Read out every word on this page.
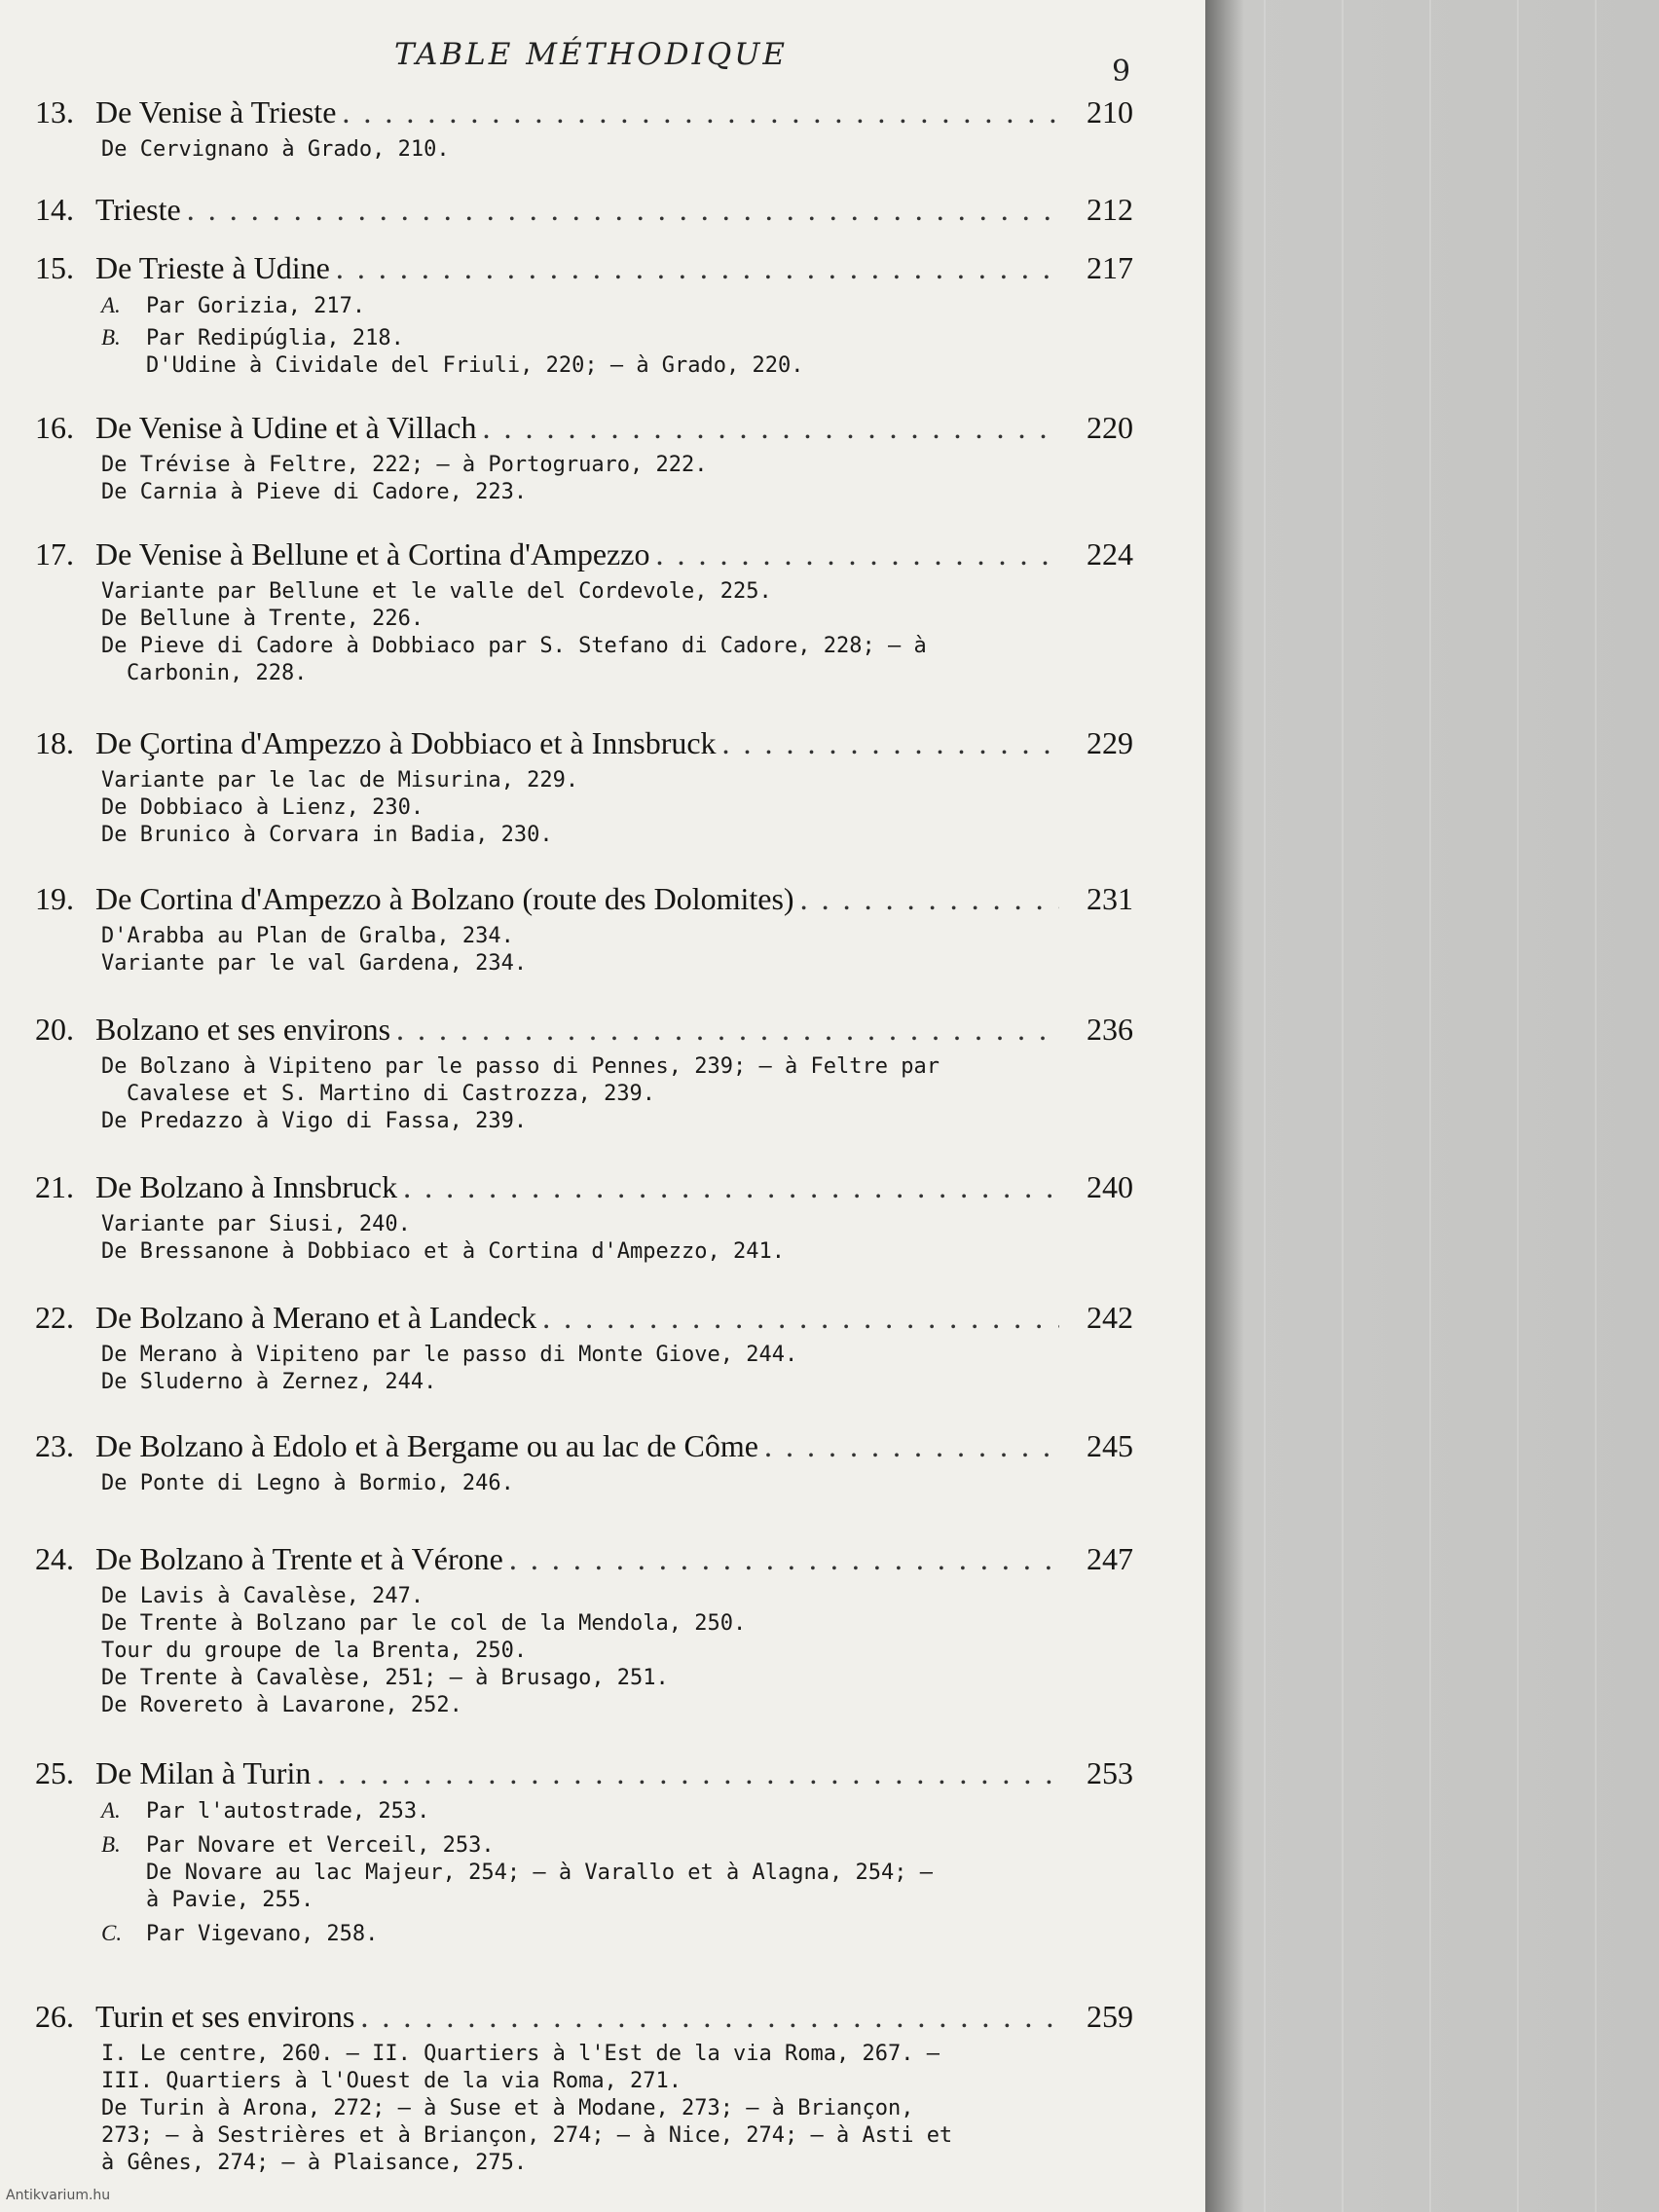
TABLE MÉTHODIQUE	9
13. De Venise à Trieste . . .	210
De Cervignano à Grado, 210.
14. Trieste . . .	212
15. De Trieste à Udine . . .	217
A. Par Gorizia, 217.
B. Par Redipúglia, 218.
D'Udine à Cividale del Friuli, 220; — à Grado, 220.
16. De Venise à Udine et à Villach . . .	220
De Trévise à Feltre, 222; — à Portogruaro, 222.
De Carnia à Pieve di Cadore, 223.
17. De Venise à Bellune et à Cortina d'Ampezzo . . .	224
Variante par Bellune et le valle del Cordevole, 225.
De Bellune à Trente, 226.
De Pieve di Cadore à Dobbiaco par S. Stefano di Cadore, 228; — à
Carbonin, 228.
18. De Çortina d'Ampezzo à Dobbiaco et à Innsbruck . . .	229
Variante par le lac de Misurina, 229.
De Dobbiaco à Lienz, 230.
De Brunico à Corvara in Badia, 230.
19. De Cortina d'Ampezzo à Bolzano (route des Dolomites) . . .	231
D'Arabba au Plan de Gralba, 234.
Variante par le val Gardena, 234.
20. Bolzano et ses environs . . .	236
De Bolzano à Vipiteno par le passo di Pennes, 239; — à Feltre par
Cavalese et S. Martino di Castrozza, 239.
De Predazzo à Vigo di Fassa, 239.
21. De Bolzano à Innsbruck . . .	240
Variante par Siusi, 240.
De Bressanone à Dobbiaco et à Cortina d'Ampezzo, 241.
22. De Bolzano à Merano et à Landeck . . .	242
De Merano à Vipiteno par le passo di Monte Giove, 244.
De Sluderno à Zernez, 244.
23. De Bolzano à Edolo et à Bergame ou au lac de Côme . . .	245
De Ponte di Legno à Bormio, 246.
24. De Bolzano à Trente et à Vérone . . .	247
De Lavis à Cavalèse, 247.
De Trente à Bolzano par le col de la Mendola, 250.
Tour du groupe de la Brenta, 250.
De Trente à Cavalèse, 251; — à Brusago, 251.
De Rovereto à Lavarone, 252.
25. De Milan à Turin . . .	253
A. Par l'autostrade, 253.
B. Par Novare et Verceil, 253.
De Novare au lac Majeur, 254; — à Varallo et à Alagna, 254; —
à Pavie, 255.
C. Par Vigevano, 258.
26. Turin et ses environs . . .	259
I. Le centre, 260. — II. Quartiers à l'Est de la via Roma, 267. —
III. Quartiers à l'Ouest de la via Roma, 271.
De Turin à Arona, 272; — à Suse et à Modane, 273; — à Briançon,
273; — à Sestrières et à Briançon, 274; — à Nice, 274; — à Asti et
à Gênes, 274; — à Plaisance, 275.
Antikvarium.hu
